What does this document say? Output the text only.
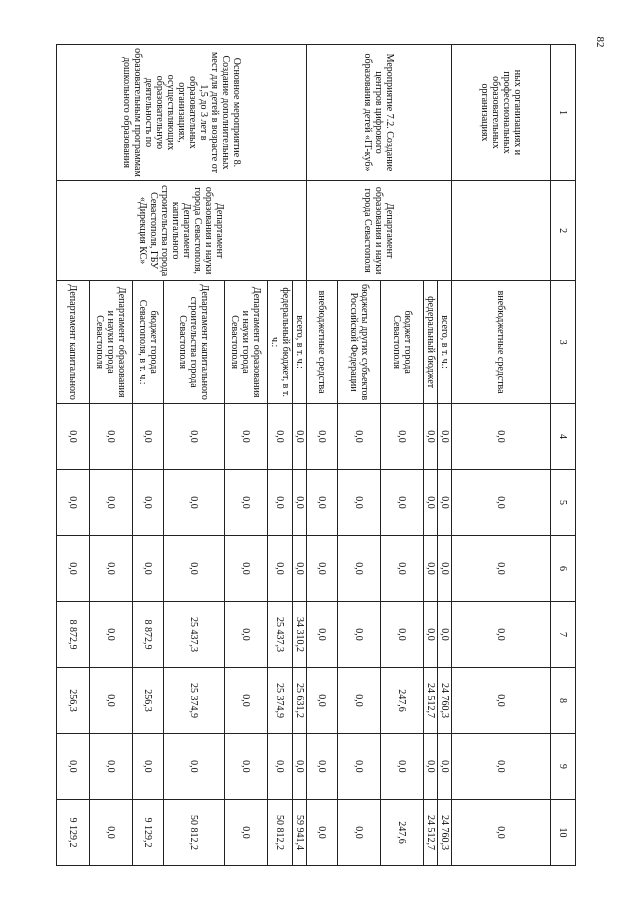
82
1	2	3	4	5	6	7	8	9	10
ных организациях и профессиональных образовательных организациях		внебюджетные средства	0,0	0,0	0,0	0,0	0,0	0,0	0,0
Мероприятие 7.2. Создание центров цифрового образования детей «IT-куб»	Департамент образования и науки города Севастополя	всего, в т. ч.:	0,0	0,0	0,0	0,0	24 760,3	0,0	24 760,3
		федеральный бюджет	0,0	0,0	0,0	0,0	24 512,7	0,0	24 512,7
		бюджет города Севастополя	0,0	0,0	0,0	0,0	247,6	0,0	247,6
		бюджеты других субъектов Российской Федерации	0,0	0,0	0,0	0,0	0,0	0,0	0,0
		внебюджетные средства	0,0	0,0	0,0	0,0	0,0	0,0	0,0
Основное мероприятие 8. Создание дополнительных мест для детей в возрасте от 1,5 до 3 лет в образовательных организациях, осуществляющих образовательную деятельность по образовательным программам дошкольного образования	Департамент образования и науки города Севастополя, Департамент капитального строительства города Севастополя, ГБУ «Дирекция КС»	всего, в т. ч.:	0,0	0,0	0,0	34 310,2	25 631,2	0,0	59 941,4
		федеральный бюджет, в т. ч.:	0,0	0,0	0,0	25 437,3	25 374,9	0,0	50 812,2
		Департамент образования и науки города Севастополя	0,0	0,0	0,0	0,0	0,0	0,0	0,0
		Департамент капитального строительства города Севастополя	0,0	0,0	0,0	25 437,3	25 374,9	0,0	50 812,2
		бюджет города Севастополя, в т. ч.:	0,0	0,0	0,0	8 872,9	256,3	0,0	9 129,2
		Департамент образования и науки города Севастополя	0,0	0,0	0,0	0,0	0,0	0,0	0,0
		Департамент капитального	0,0	0,0	0,0	8 872,9	256,3	0,0	9 129,2
